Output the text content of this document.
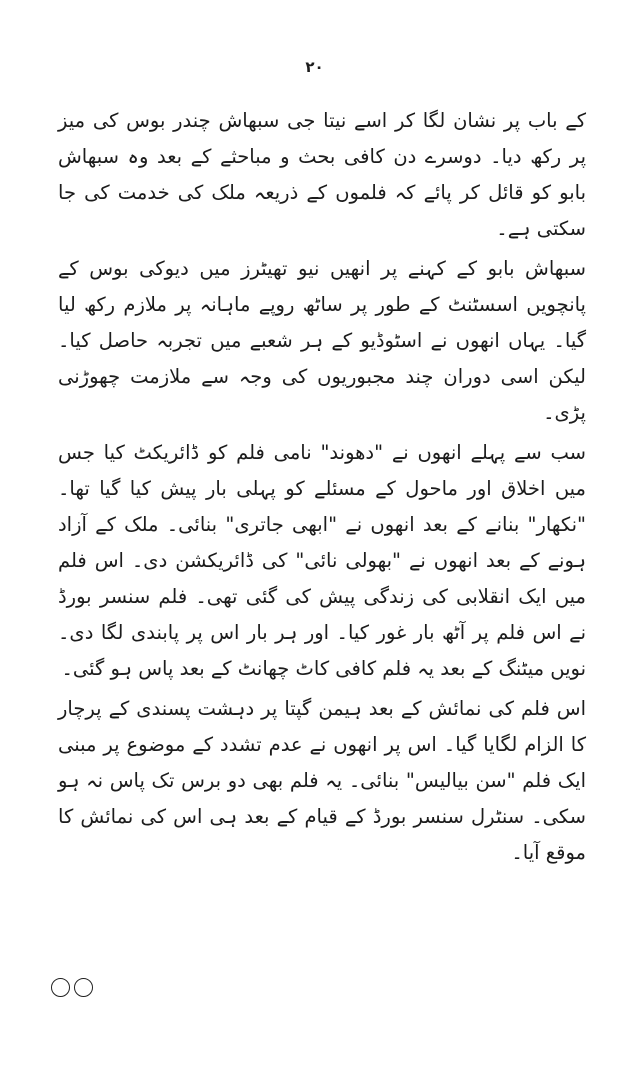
٢٠

کے باب پر نشان لگا کر اسے نیتا جی سبھاش چندر بوس کی میز پر رکھ دیا۔ دوسرے دن کافی بحث و مباحثے کے بعد وہ سبھاش بابو کو قائل کر پائے کہ فلموں کے ذریعہ ملک کی خدمت کی جا سکتی ہے۔

سبھاش بابو کے کہنے پر انھیں نیو تھیٹرز میں دیوکی بوس کے پانچویں اسسٹنٹ کے طور پر ساٹھ روپے ماہانہ پر ملازم رکھ لیا گیا۔ یہاں انھوں نے اسٹوڈیو کے ہر شعبے میں تجربہ حاصل کیا۔ لیکن اسی دوران چند مجبوریوں کی وجہ سے ملازمت چھوڑنی پڑی۔

سب سے پہلے انھوں نے "دھوند" نامی فلم کو ڈائریکٹ کیا جس میں اخلاق اور ماحول کے مسئلے کو پہلی بار پیش کیا گیا تھا۔ "نکھار" بنانے کے بعد انھوں نے "ابھی جاتری" بنائی۔ ملک کے آزاد ہونے کے بعد انھوں نے "بھولی نائی" کی ڈائریکشن دی۔ اس فلم میں ایک انقلابی کی زندگی پیش کی گئی تھی۔ فلم سنسر بورڈ نے اس فلم پر آٹھ بار غور کیا۔ اور ہر بار اس پر پابندی لگا دی۔ نویں میٹنگ کے بعد یہ فلم کافی کاٹ چھانٹ کے بعد پاس ہو گئی۔

اس فلم کی نمائش کے بعد ہیمن گپتا پر دہشت پسندی کے پرچار کا الزام لگایا گیا۔ اس پر انھوں نے عدم تشدد کے موضوع پر مبنی ایک فلم "سن بیالیس" بنائی۔ یہ فلم بھی دو برس تک پاس نہ ہو سکی۔ سنٹرل سنسر بورڈ کے قیام کے بعد ہی اس کی نمائش کا موقع آیا۔
